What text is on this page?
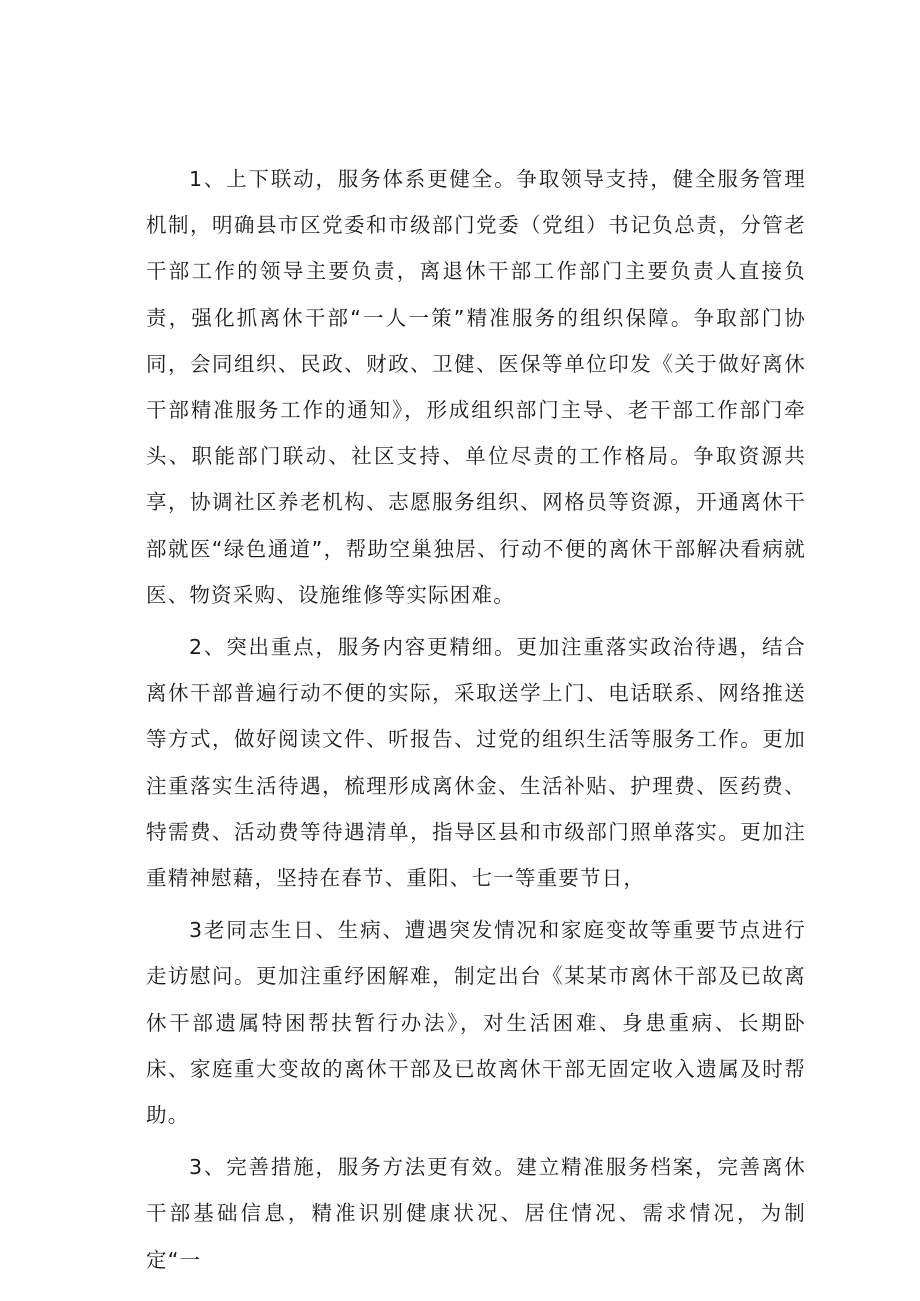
1、上下联动，服务体系更健全。争取领导支持，健全服务管理机制，明确县市区党委和市级部门党委（党组）书记负总责，分管老干部工作的领导主要负责，离退休干部工作部门主要负责人直接负责，强化抓离休干部“一人一策”精准服务的组织保障。争取部门协同，会同组织、民政、财政、卫健、医保等单位印发《关于做好离休干部精准服务工作的通知》，形成组织部门主导、老干部工作部门牵头、职能部门联动、社区支持、单位尽责的工作格局。争取资源共享，协调社区养老机构、志愿服务组织、网格员等资源，开通离休干部就医“绿色通道”，帮助空巢独居、行动不便的离休干部解决看病就医、物资采购、设施维修等实际困难。

2、突出重点，服务内容更精细。更加注重落实政治待遇，结合离休干部普遍行动不便的实际，采取送学上门、电话联系、网络推送等方式，做好阅读文件、听报告、过党的组织生活等服务工作。更加注重落实生活待遇，梳理形成离休金、生活补贴、护理费、医药费、特需费、活动费等待遇清单，指导区县和市级部门照单落实。更加注重精神慰藉，坚持在春节、重阳、七一等重要节日，

3老同志生日、生病、遭遇突发情况和家庭变故等重要节点进行走访慰问。更加注重纾困解难，制定出台《某某市离休干部及已故离休干部遗属特困帮扶暂行办法》，对生活困难、身患重病、长期卧床、家庭重大变故的离休干部及已故离休干部无固定收入遗属及时帮助。

3、完善措施，服务方法更有效。建立精准服务档案，完善离休干部基础信息，精准识别健康状况、居住情况、需求情况，为制定“一
